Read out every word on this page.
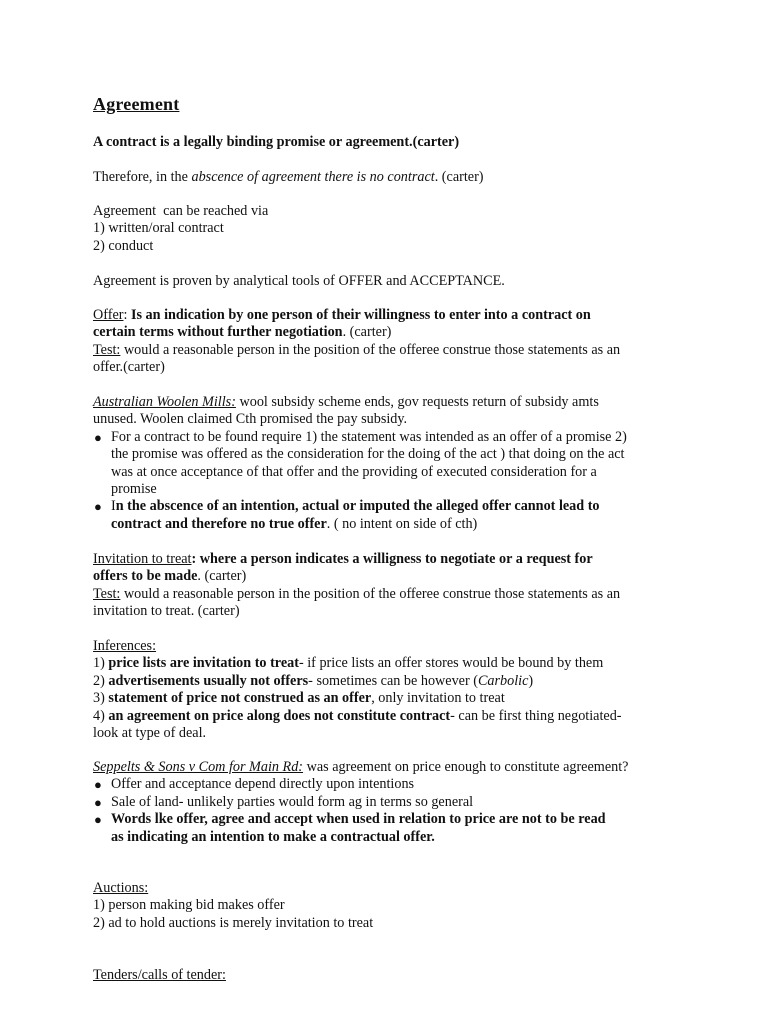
Agreement
A contract is a legally binding promise or agreement.(carter)
Therefore, in the abscence of agreement there is no contract. (carter)
Agreement  can be reached via
1) written/oral contract
2) conduct
Agreement is proven by analytical tools of OFFER and ACCEPTANCE.
Offer: Is an indication by one person of their willingness to enter into a contract on
certain terms without further negotiation. (carter)
Test: would a reasonable person in the position of the offeree construe those statements as an
offer.(carter)
Australian Woolen Mills: wool subsidy scheme ends, gov requests return of subsidy amts
unused. Woolen claimed Cth promised the pay subsidy.
● For a contract to be found require 1) the statement was intended as an offer of a promise 2)
the promise was offered as the consideration for the doing of the act ) that doing on the act
was at once acceptance of that offer and the providing of executed consideration for a
promise
● In the abscence of an intention, actual or imputed the alleged offer cannot lead to
contract and therefore no true offer. ( no intent on side of cth)
Invitation to treat: where a person indicates a willigness to negotiate or a request for
offers to be made. (carter)
Test: would a reasonable person in the position of the offeree construe those statements as an
invitation to treat. (carter)
Inferences:
1) price lists are invitation to treat- if price lists an offer stores would be bound by them
2) advertisements usually not offers- sometimes can be however (Carbolic)
3) statement of price not construed as an offer, only invitation to treat
4) an agreement on price along does not constitute contract- can be first thing negotiated-
look at type of deal.
Seppelts & Sons v Com for Main Rd: was agreement on price enough to constitute agreement?
● Offer and acceptance depend directly upon intentions
● Sale of land- unlikely parties would form ag in terms so general
● Words lke offer, agree and accept when used in relation to price are not to be read
as indicating an intention to make a contractual offer.
Auctions:
1) person making bid makes offer
2) ad to hold auctions is merely invitation to treat
Tenders/calls of tender:
